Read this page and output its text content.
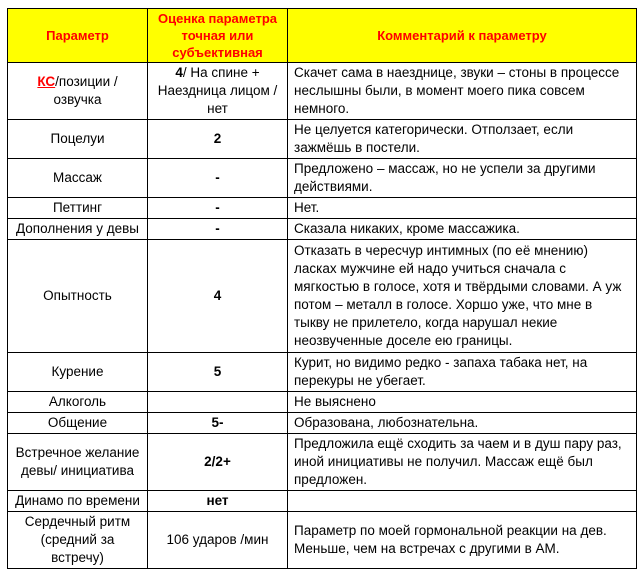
Параметр	Оценка параметра точная или субъективная	Комментарий к параметру
КС/позиции /озвучка	4/ На спине + Наездница лицом /нет	Скачет сама в наезднице, звуки – стоны в процессе неслышны были, в момент моего пика совсем немного.
Поцелуи	2	Не целуется категорически. Отползает, если зажмёшь в постели.
Массаж	-	Предложено – массаж, но не успели за другими действиями.
Петтинг	-	Нет.
Дополнения у девы	-	Сказала никаких, кроме массажика.
Опытность	4	Отказать в чересчур интимных (по её мнению) ласках мужчине ей надо учиться сначала с мягкостью в голосе, хотя и твёрдыми словами. А уж потом – металл в голосе. Хоршо уже, что мне в тыкву не прилетело, когда нарушал некие неозвученные доселе ею границы.
Курение	5	Курит, но видимо редко - запаха табака нет, на перекуры не убегает.
Алкоголь		Не выяснено
Общение	5-	Образована, любознательна.
Встречное желание девы/ инициатива	2/2+	Предложила ещё сходить за чаем и в душ пару раз, иной инициативы не получил. Массаж ещё был предложен.
Динамо по времени	нет	
Сердечный ритм (средний за встречу)	106 ударов /мин	Параметр по моей гормональной реакции на дев. Меньше, чем на встречах с другими в АМ.
